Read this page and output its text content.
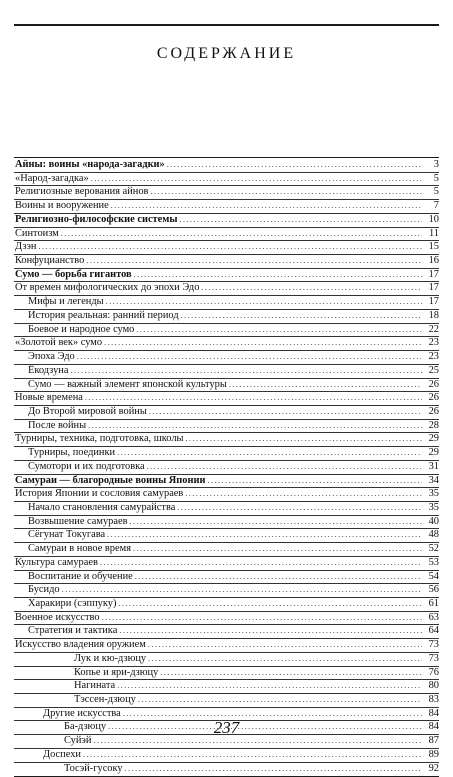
СОДЕРЖАНИЕ
Айны: воины «народа-загадки» .....	3
«Народ-загадка» .....	5
Религиозные верования айнов .....	5
Воины и вооружение .....	7
Религиозно-философские системы .....	10
Синтоизм .....	11
Дзэн .....	15
Конфуцианство .....	16
Сумо — борьба гигантов .....	17
От времен мифологических до эпохи Эдо .....	17
Мифы и легенды .....	17
История реальная: ранний период .....	18
Боевое и народное сумо .....	22
«Золотой век» сумо .....	23
Эпоха Эдо .....	23
Ёкодзуна .....	25
Сумо — важный элемент японской культуры .....	26
Новые времена .....	26
До Второй мировой войны .....	26
После войны .....	28
Турниры, техника, подготовка, школы .....	29
Турниры, поединки .....	29
Сумотори и их подготовка .....	31
Самураи — благородные воины Японии .....	34
История Японии и сословия самураев .....	35
Начало становления самурайства .....	35
Возвышение самураев .....	40
Сёгунат Токугава .....	48
Самураи в новое время .....	52
Культура самураев .....	53
Воспитание и обучение .....	54
Бусидо .....	56
Харакири (сэппуку) .....	61
Военное искусство .....	63
Стратегия и тактика .....	64
Искусство владения оружием .....	73
Лук и кю-дзюцу .....	73
Копье и яри-дзюцу .....	76
Нагината .....	80
Тэссен-дзюцу .....	83
Другие искусства .....	84
Ба-дзюцу .....	84
Суйэй .....	87
Доспехи .....	89
Тосэй-гусоку .....	92
237
